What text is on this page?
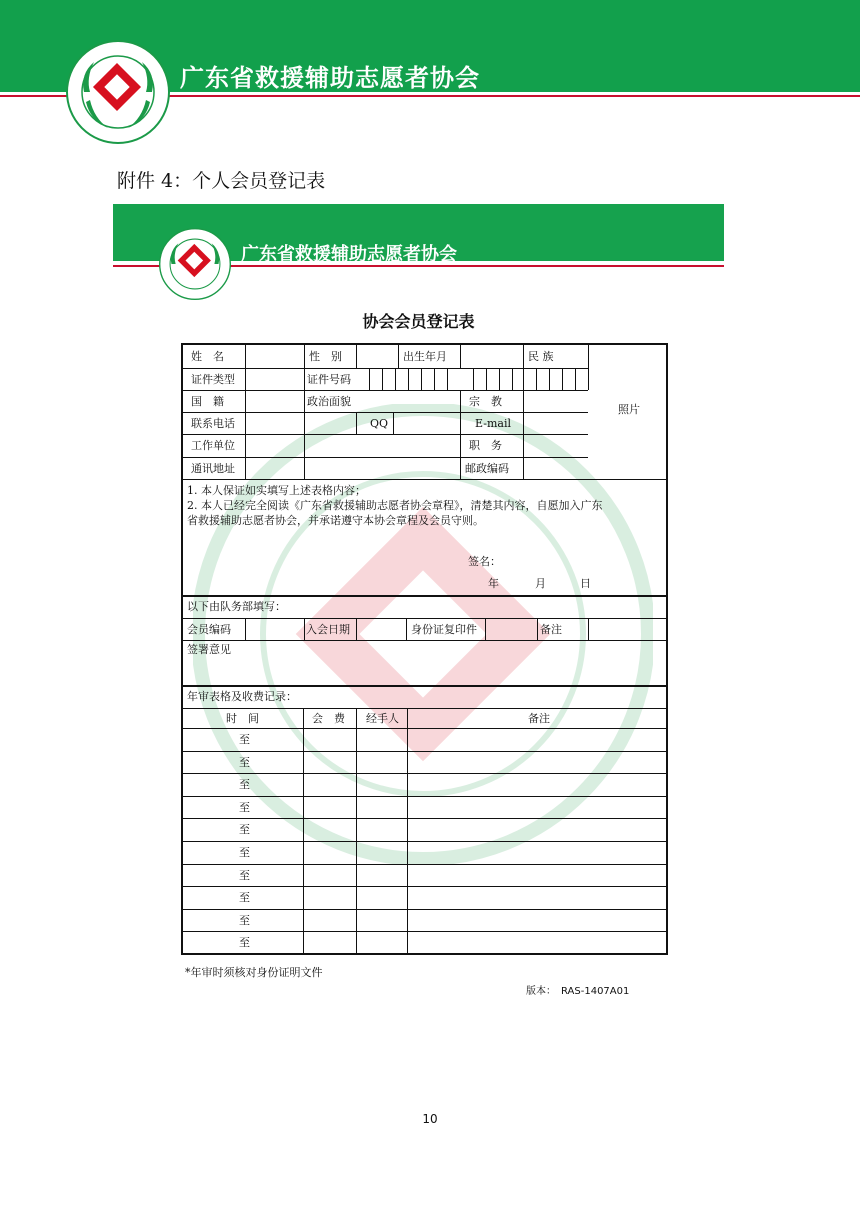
广东省救援辅助志愿者协会
附件 4：个人会员登记表
广东省救援辅助志愿者协会
协会会员登记表
姓　名	性　别	出生年月	民 族
照片
证件类型	证件号码
国　籍	政治面貌	宗　教
联系电话	QQ	E-mail
工作单位	职　务
通讯地址	邮政编码
1. 本人保证如实填写上述表格内容；
2. 本人已经完全阅读《广东省救援辅助志愿者协会章程》，清楚其内容，自愿加入广东
省救援辅助志愿者协会，并承诺遵守本协会章程及会员守则。
签名：
年	月	日
以下由队务部填写：
会员编码	入会日期	身份证复印件	备注
签署意见
年审表格及收费记录：
时　间	会　费 经手人	备注
至
至
至
至
至
至
至
至
至
至
*年审时须核对身份证明文件
版本：　RAS-1407A01
10
